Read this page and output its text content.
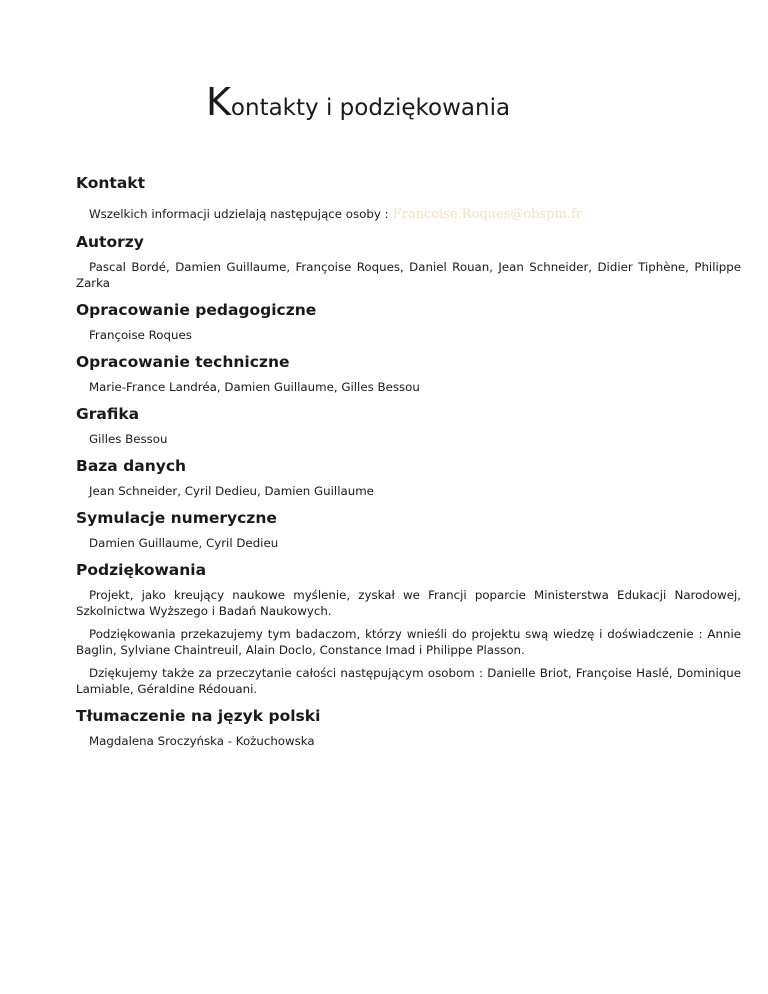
Kontakty i podziękowania
Kontakt

Wszelkich informacji udzielają następujące osoby : Francoise.Roques@obspm.fr

Autorzy

Pascal Bordé, Damien Guillaume, Françoise Roques, Daniel Rouan, Jean Schneider, Didier Tiphène, Philippe Zarka

Opracowanie pedagogiczne

Françoise Roques

Opracowanie techniczne

Marie-France Landréa, Damien Guillaume, Gilles Bessou

Grafika

Gilles Bessou

Baza danych

Jean Schneider, Cyril Dedieu, Damien Guillaume

Symulacje numeryczne

Damien Guillaume, Cyril Dedieu

Podziękowania

Projekt, jako kreujący naukowe myślenie, zyskał we Francji poparcie Ministerstwa Edukacji Narodowej, Szkolnictwa Wyższego i Badań Naukowych.

Podziękowania przekazujemy tym badaczom, którzy wnieśli do projektu swą wiedzę i doświadczenie : Annie Baglin, Sylviane Chaintreuil, Alain Doclo, Constance Imad i Philippe Plasson.

Dziękujemy także za przeczytanie całości następującym osobom : Danielle Briot, Françoise Haslé, Dominique Lamiable, Géraldine Rédouani.

Tłumaczenie na język polski

Magdalena Sroczyńska - Kożuchowska
